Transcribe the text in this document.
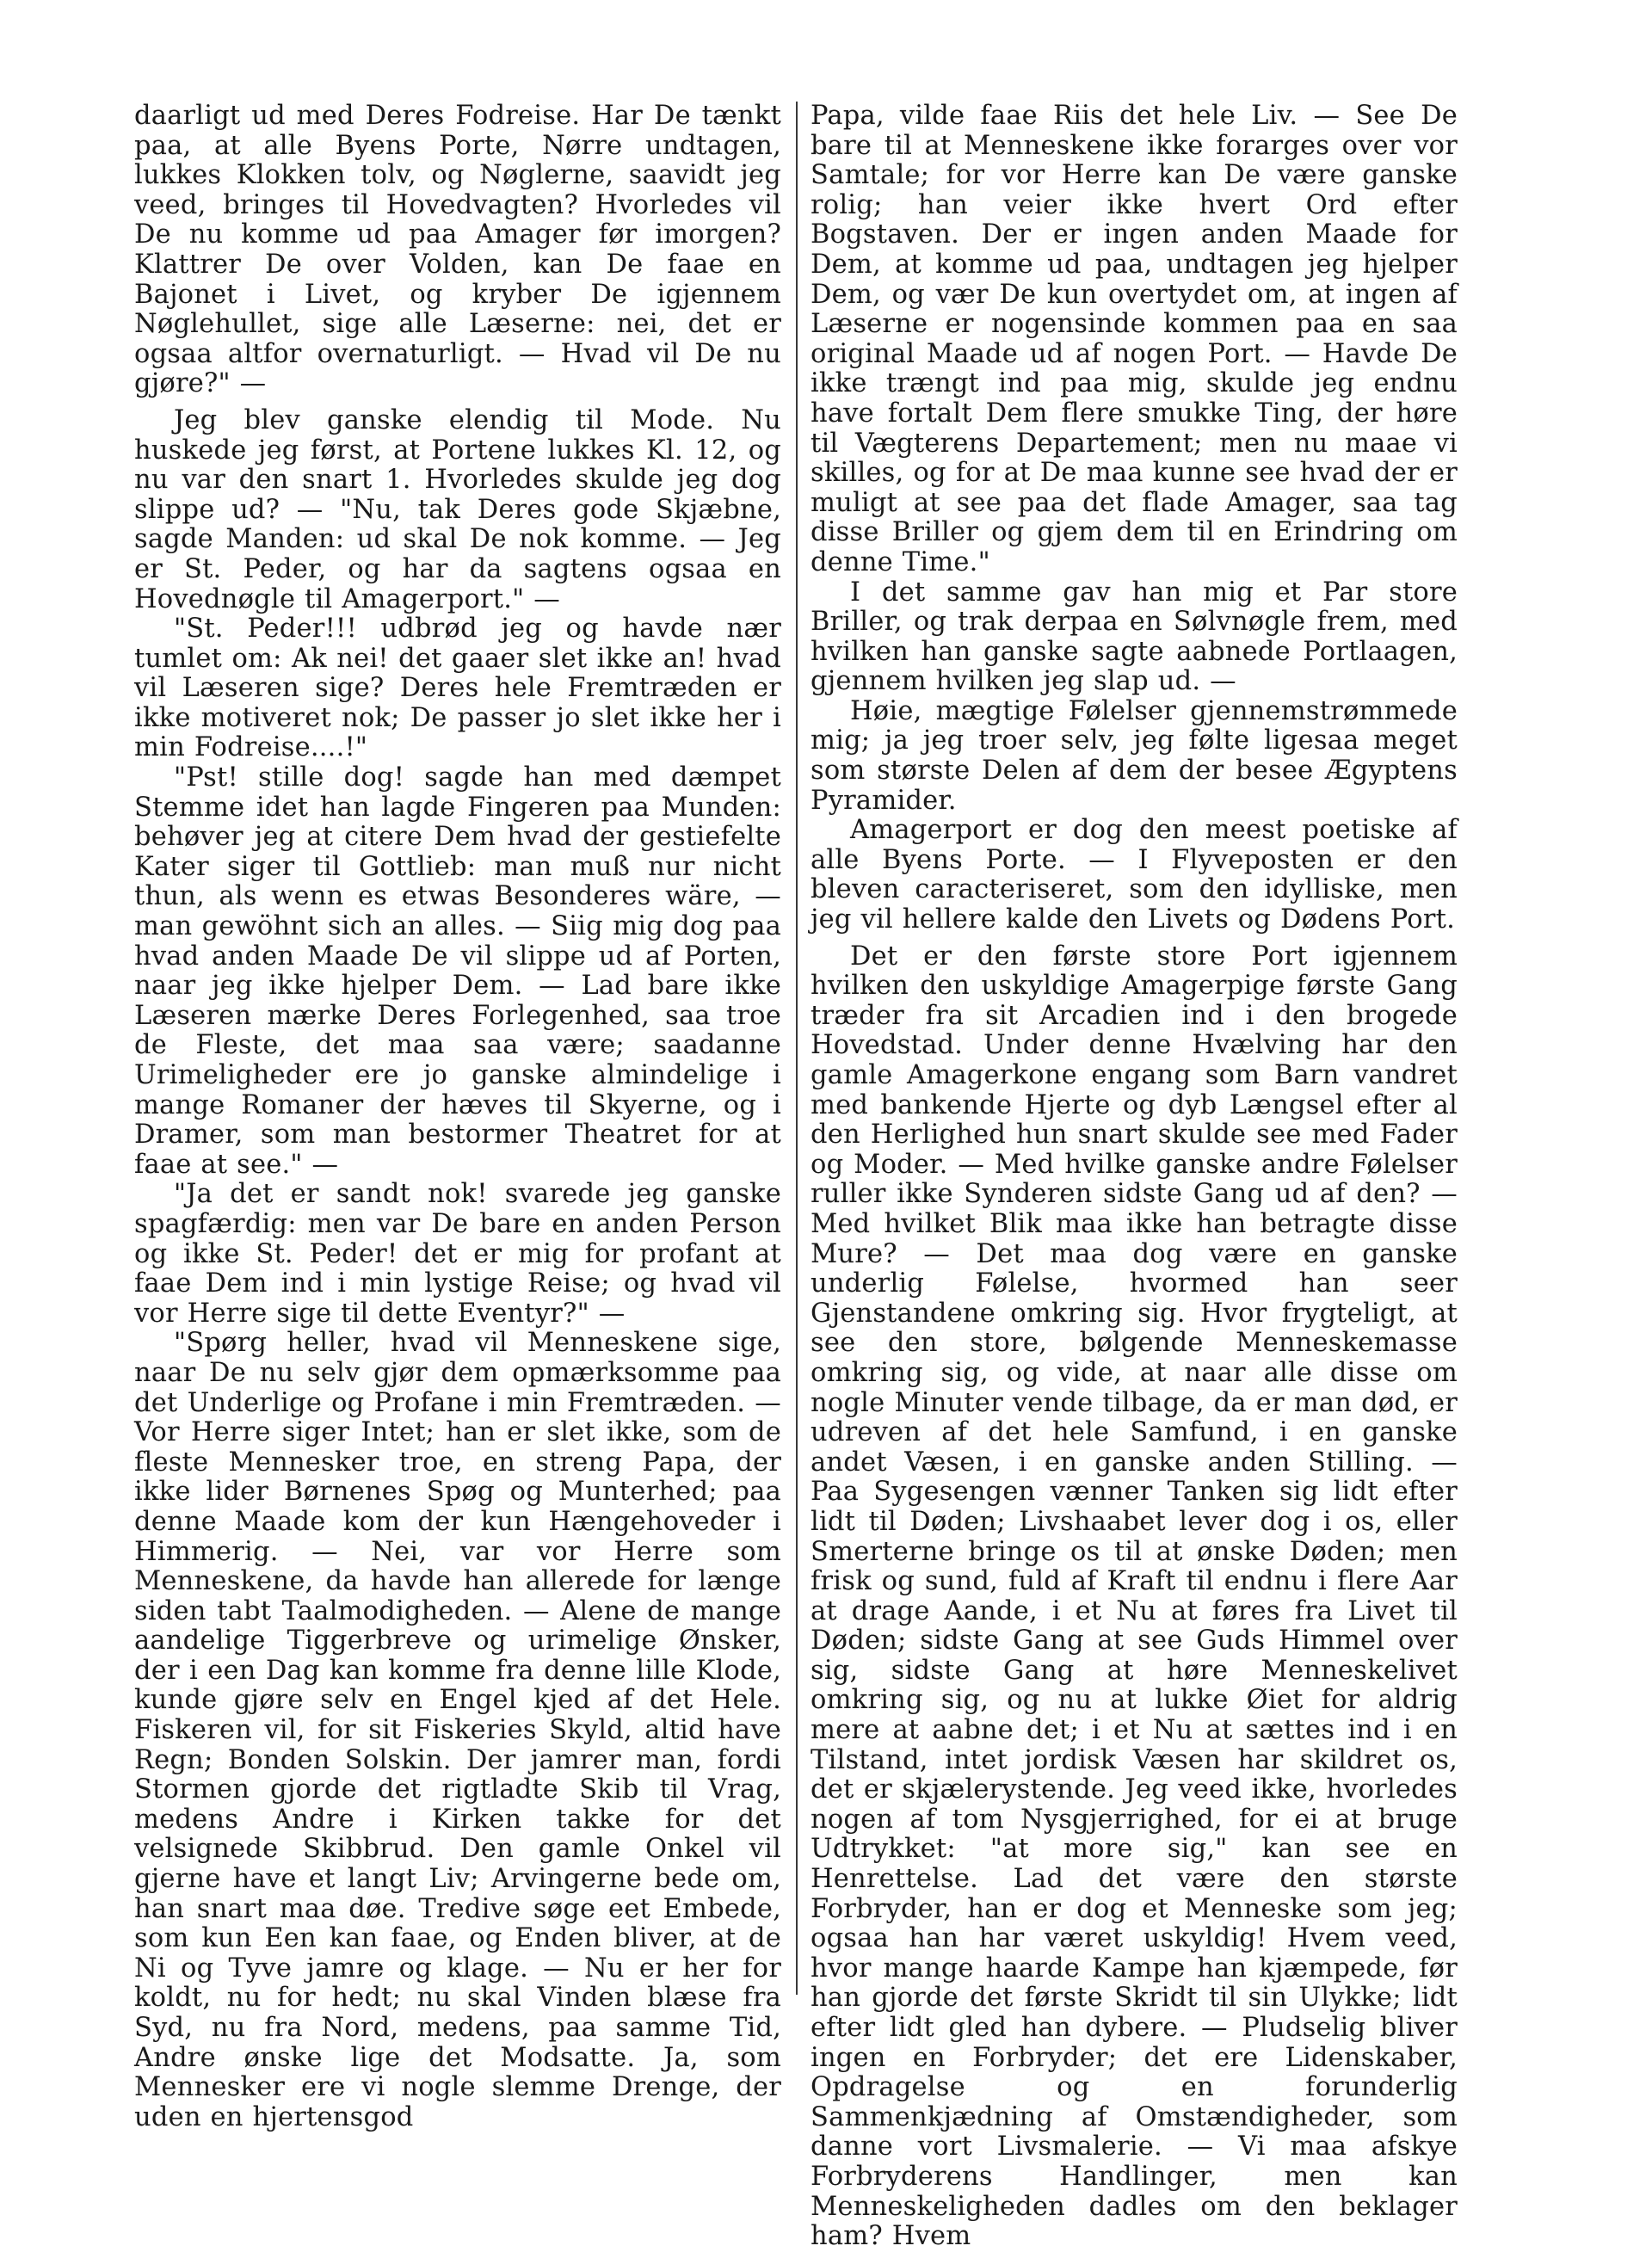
daarligt ud med Deres Fodreise. Har De tænkt paa, at alle Byens Porte, Nørre undtagen, lukkes Klokken tolv, og Nøglerne, saavidt jeg veed, bringes til Hovedvagten? Hvorledes vil De nu komme ud paa Amager før imorgen? Klattrer De over Volden, kan De faae en Bajonet i Livet, og kryber De igjennem Nøglehullet, sige alle Læserne: nei, det er ogsaa altfor overnaturligt. — Hvad vil De nu gjøre?" —

Jeg blev ganske elendig til Mode. Nu huskede jeg først, at Portene lukkes Kl. 12, og nu var den snart 1. Hvorledes skulde jeg dog slippe ud? — "Nu, tak Deres gode Skjæbne, sagde Manden: ud skal De nok komme. — Jeg er St. Peder, og har da sagtens ogsaa en Hovednøgle til Amagerport." —

"St. Peder!!! udbrød jeg og havde nær tumlet om: Ak nei! det gaaer slet ikke an! hvad vil Læseren sige? Deres hele Fremtræden er ikke motiveret nok; De passer jo slet ikke her i min Fodreise....!"

"Pst! stille dog! sagde han med dæmpet Stemme idet han lagde Fingeren paa Munden: behøver jeg at citere Dem hvad der gestiefelte Kater siger til Gottlieb: man muß nur nicht thun, als wenn es etwas Besonderes wäre, — man gewöhnt sich an alles. — Siig mig dog paa hvad anden Maade De vil slippe ud af Porten, naar jeg ikke hjelper Dem. — Lad bare ikke Læseren mærke Deres Forlegenhed, saa troe de Fleste, det maa saa være; saadanne Urimeligheder ere jo ganske almindelige i mange Romaner der hæves til Skyerne, og i Dramer, som man bestormer Theatret for at faae at see." —

"Ja det er sandt nok! svarede jeg ganske spagfærdig: men var De bare en anden Person og ikke St. Peder! det er mig for profant at faae Dem ind i min lystige Reise; og hvad vil vor Herre sige til dette Eventyr?" —

"Spørg heller, hvad vil Menneskene sige, naar De nu selv gjør dem opmærksomme paa det Underlige og Profane i min Fremtræden. — Vor Herre siger Intet; han er slet ikke, som de fleste Mennesker troe, en streng Papa, der ikke lider Børnenes Spøg og Munterhed; paa denne Maade kom der kun Hængehoveder i Himmerig. — Nei, var vor Herre som Menneskene, da havde han allerede for længe siden tabt Taalmodigheden. — Alene de mange aandelige Tiggerbreve og urimelige Ønsker, der i een Dag kan komme fra denne lille Klode, kunde gjøre selv en Engel kjed af det Hele. Fiskeren vil, for sit Fiskeries Skyld, altid have Regn; Bonden Solskin. Der jamrer man, fordi Stormen gjorde det rigtladte Skib til Vrag, medens Andre i Kirken takke for det velsignede Skibbrud. Den gamle Onkel vil gjerne have et langt Liv; Arvingerne bede om, han snart maa døe. Tredive søge eet Embede, som kun Een kan faae, og Enden bliver, at de Ni og Tyve jamre og klage. — Nu er her for koldt, nu for hedt; nu skal Vinden blæse fra Syd, nu fra Nord, medens, paa samme Tid, Andre ønske lige det Modsatte. Ja, som Mennesker ere vi nogle slemme Drenge, der uden en hjertensgod

Papa, vilde faae Riis det hele Liv. — See De bare til at Menneskene ikke forarges over vor Samtale; for vor Herre kan De være ganske rolig; han veier ikke hvert Ord efter Bogstaven. Der er ingen anden Maade for Dem, at komme ud paa, undtagen jeg hjelper Dem, og vær De kun overtydet om, at ingen af Læserne er nogensinde kommen paa en saa original Maade ud af nogen Port. — Havde De ikke trængt ind paa mig, skulde jeg endnu have fortalt Dem flere smukke Ting, der høre til Vægterens Departement; men nu maae vi skilles, og for at De maa kunne see hvad der er muligt at see paa det flade Amager, saa tag disse Briller og gjem dem til en Erindring om denne Time."

I det samme gav han mig et Par store Briller, og trak derpaa en Sølvnøgle frem, med hvilken han ganske sagte aabnede Portlaagen, gjennem hvilken jeg slap ud. —

Høie, mægtige Følelser gjennemstrømmede mig; ja jeg troer selv, jeg følte ligesaa meget som største Delen af dem der besee Ægyptens Pyramider.

Amagerport er dog den meest poetiske af alle Byens Porte. — I Flyveposten er den bleven caracteriseret, som den idylliske, men jeg vil hellere kalde den Livets og Dødens Port.

Det er den første store Port igjennem hvilken den uskyldige Amagerpige første Gang træder fra sit Arcadien ind i den brogede Hovedstad. Under denne Hvælving har den gamle Amagerkone engang som Barn vandret med bankende Hjerte og dyb Længsel efter al den Herlighed hun snart skulde see med Fader og Moder. — Med hvilke ganske andre Følelser ruller ikke Synderen sidste Gang ud af den? — Med hvilket Blik maa ikke han betragte disse Mure? — Det maa dog være en ganske underlig Følelse, hvormed han seer Gjenstandene omkring sig. Hvor frygteligt, at see den store, bølgende Menneskemasse omkring sig, og vide, at naar alle disse om nogle Minuter vende tilbage, da er man død, er udreven af det hele Samfund, i en ganske andet Væsen, i en ganske anden Stilling. — Paa Sygesengen vænner Tanken sig lidt efter lidt til Døden; Livshaabet lever dog i os, eller Smerterne bringe os til at ønske Døden; men frisk og sund, fuld af Kraft til endnu i flere Aar at drage Aande, i et Nu at føres fra Livet til Døden; sidste Gang at see Guds Himmel over sig, sidste Gang at høre Menneskelivet omkring sig, og nu at lukke Øiet for aldrig mere at aabne det; i et Nu at sættes ind i en Tilstand, intet jordisk Væsen har skildret os, det er skjælerystende. Jeg veed ikke, hvorledes nogen af tom Nysgjerrighed, for ei at bruge Udtrykket: "at more sig," kan see en Henrettelse. Lad det være den største Forbryder, han er dog et Menneske som jeg; ogsaa han har været uskyldig! Hvem veed, hvor mange haarde Kampe han kjæmpede, før han gjorde det første Skridt til sin Ulykke; lidt efter lidt gled han dybere. — Pludselig bliver ingen en Forbryder; det ere Lidenskaber, Opdragelse og en forunderlig Sammenkjædning af Omstændigheder, som danne vort Livsmalerie. — Vi maa afskye Forbryderens Handlinger, men kan Menneskeligheden dadles om den beklager ham? Hvem
